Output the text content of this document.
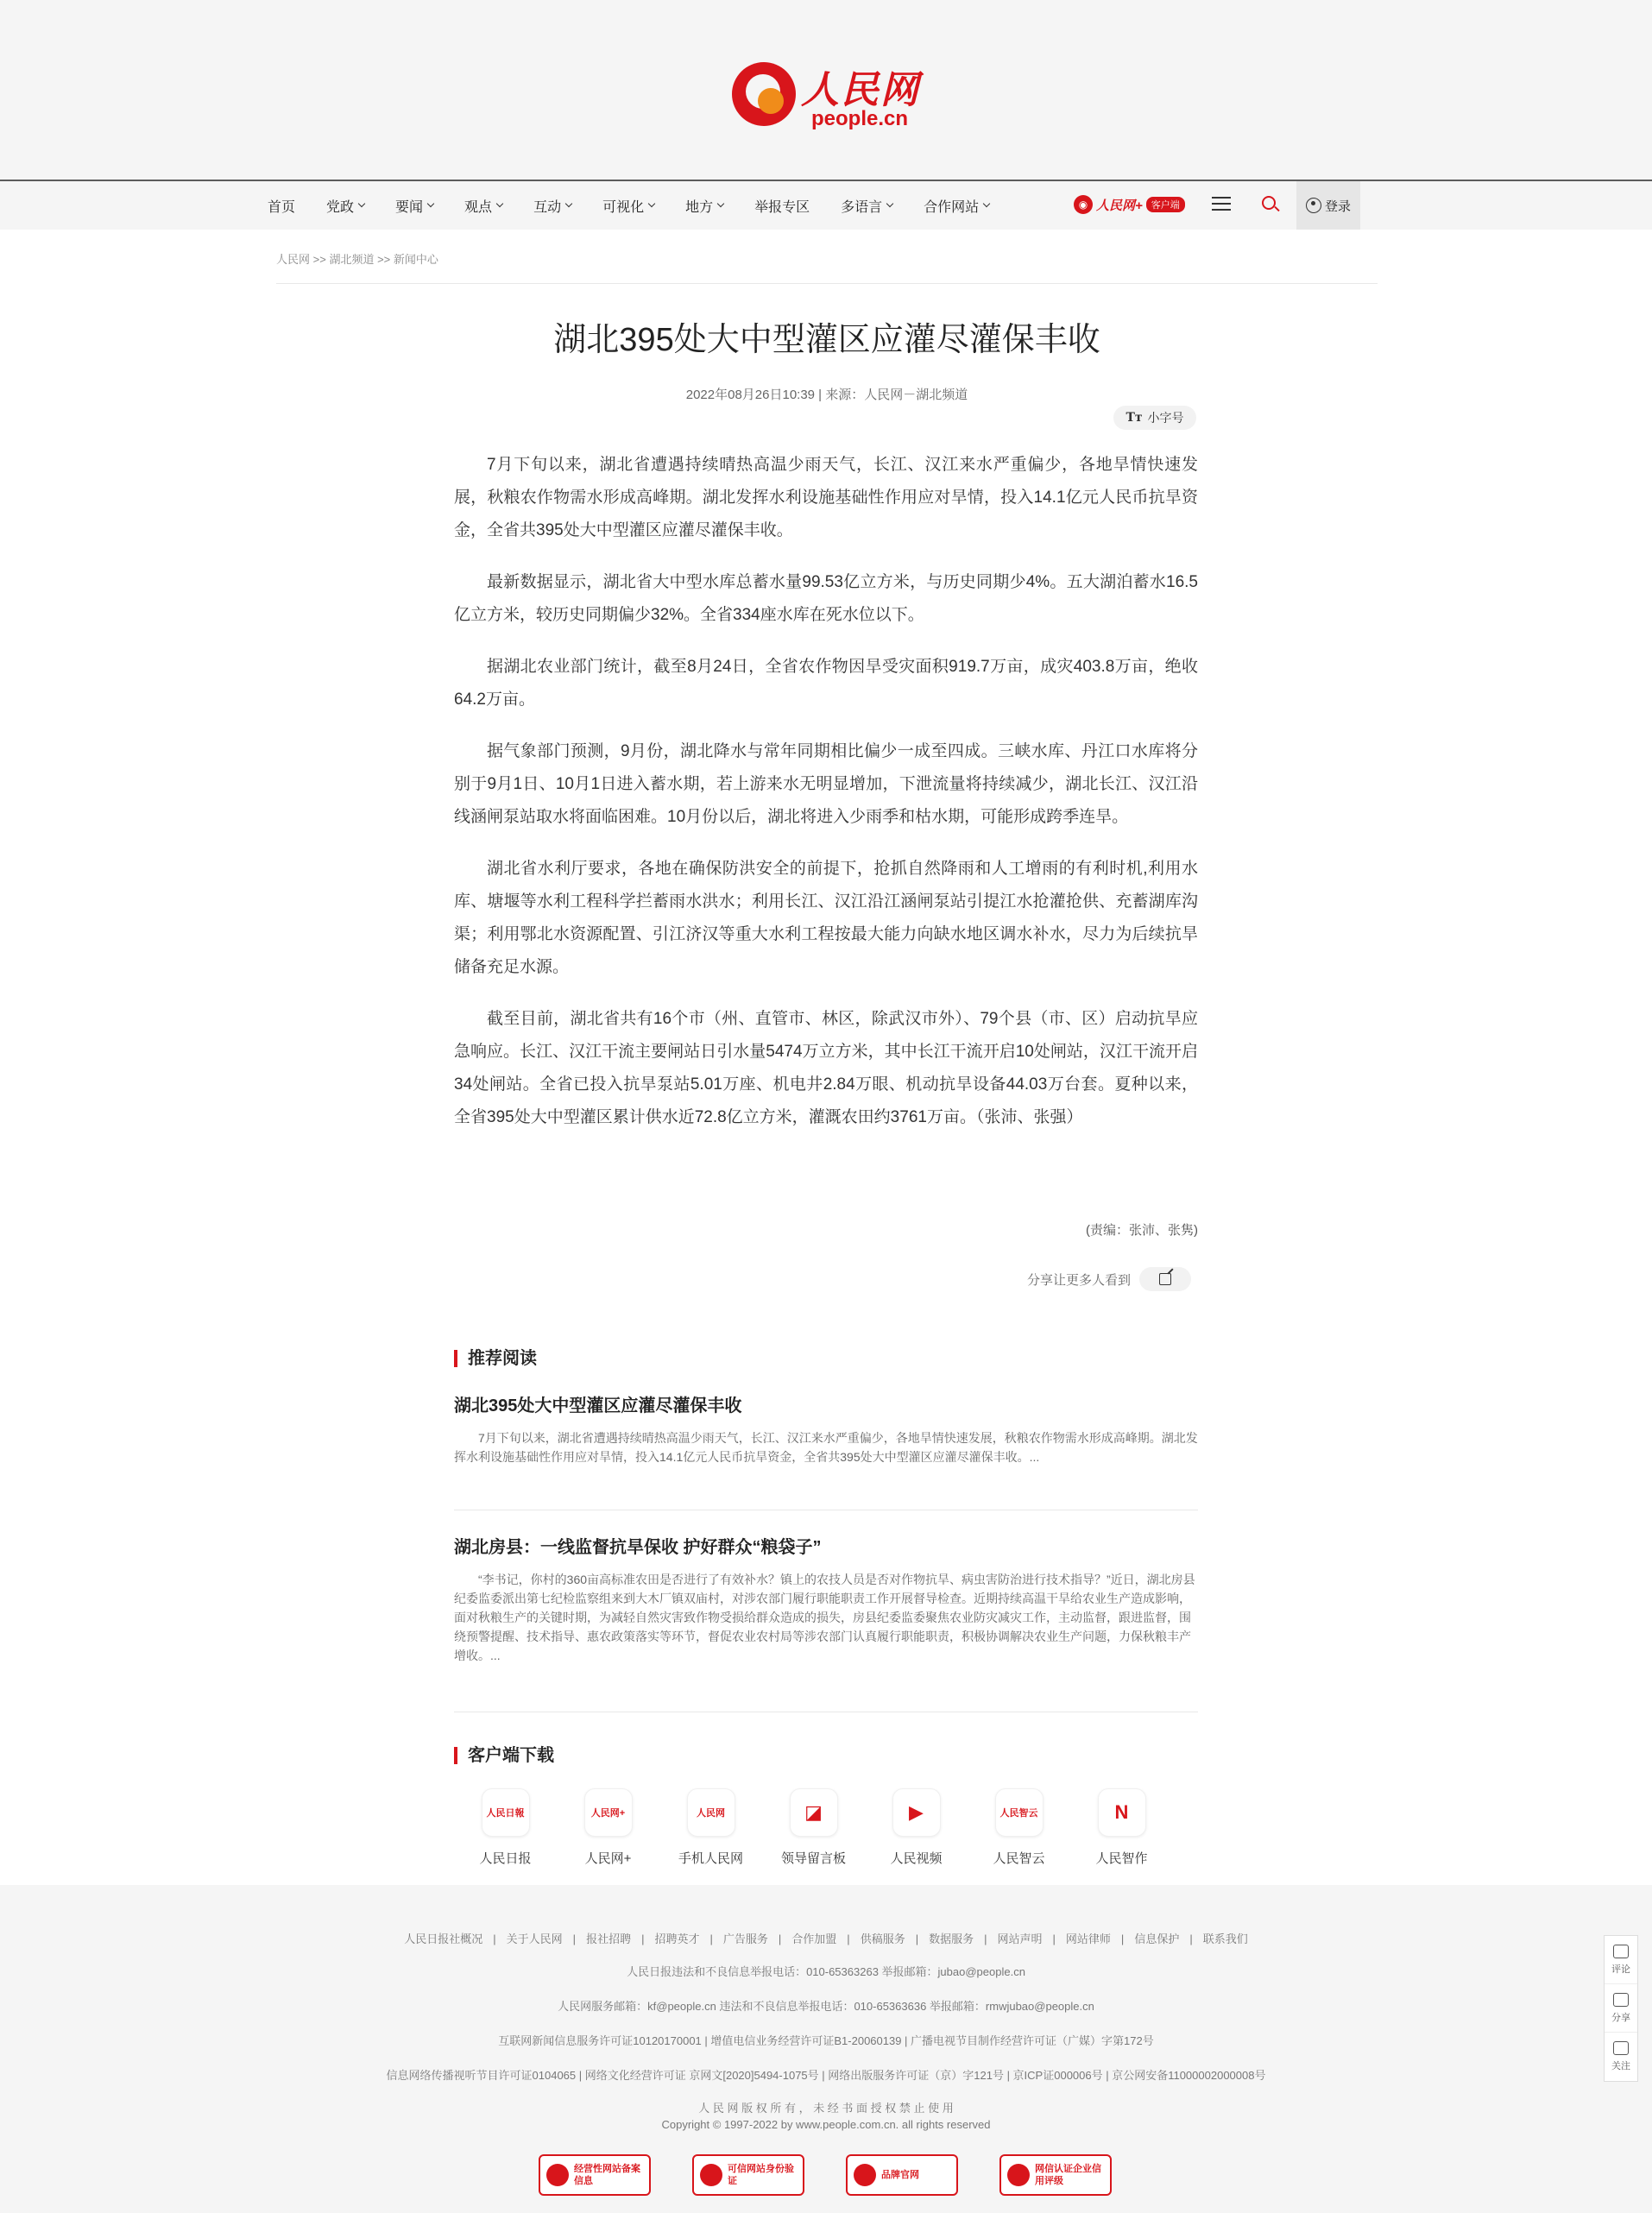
人民网
people.cn
首页 党政	要闻	观点	互动	可视化	地方	举报专区 多语言	合作网站	◉ 人民网+ 客户端	登录
人民网 >> 湖北频道 >> 新闻中心
湖北395处大中型灌区应灌尽灌保丰收
2022年08月26日10:39 | 来源：人民网－湖北频道
Tт 小字号

7月下旬以来，湖北省遭遇持续晴热高温少雨天气，长江、汉江来水严重偏少，各地旱情快速发展，秋粮农作物需水形成高峰期。湖北发挥水利设施基础性作用应对旱情，投入14.1亿元人民币抗旱资金，全省共395处大中型灌区应灌尽灌保丰收。

最新数据显示，湖北省大中型水库总蓄水量99.53亿立方米，与历史同期少4%。五大湖泊蓄水16.5亿立方米，较历史同期偏少32%。全省334座水库在死水位以下。

据湖北农业部门统计，截至8月24日，全省农作物因旱受灾面积919.7万亩，成灾403.8万亩，绝收64.2万亩。

据气象部门预测，9月份，湖北降水与常年同期相比偏少一成至四成。三峡水库、丹江口水库将分别于9月1日、10月1日进入蓄水期，若上游来水无明显增加，下泄流量将持续减少，湖北长江、汉江沿线涵闸泵站取水将面临困难。10月份以后，湖北将进入少雨季和枯水期，可能形成跨季连旱。

湖北省水利厅要求，各地在确保防洪安全的前提下，抢抓自然降雨和人工增雨的有利时机,利用水库、塘堰等水利工程科学拦蓄雨水洪水；利用长江、汉江沿江涵闸泵站引提江水抢灌抢供、充蓄湖库沟渠；利用鄂北水资源配置、引江济汉等重大水利工程按最大能力向缺水地区调水补水，尽力为后续抗旱储备充足水源。

截至目前，湖北省共有16个市（州、直管市、林区，除武汉市外）、79个县（市、区）启动抗旱应急响应。长江、汉江干流主要闸站日引水量5474万立方米，其中长江干流开启10处闸站，汉江干流开启34处闸站。全省已投入抗旱泵站5.01万座、机电井2.84万眼、机动抗旱设备44.03万台套。夏种以来，全省395处大中型灌区累计供水近72.8亿立方米，灌溉农田约3761万亩。（张沛、张强）

(责编：张沛、张隽)
分享让更多人看到
推荐阅读
湖北395处大中型灌区应灌尽灌保丰收
7月下旬以来，湖北省遭遇持续晴热高温少雨天气，长江、汉江来水严重偏少，各地旱情快速发展，秋粮农作物需水形成高峰期。湖北发挥水利设施基础性作用应对旱情，投入14.1亿元人民币抗旱资金，全省共395处大中型灌区应灌尽灌保丰收。...
湖北房县：一线监督抗旱保收 护好群众“粮袋子”
“李书记，你村的360亩高标准农田是否进行了有效补水？镇上的农技人员是否对作物抗旱、病虫害防治进行技术指导？”近日，湖北房县纪委监委派出第七纪检监察组来到大木厂镇双庙村，对涉农部门履行职能职责工作开展督导检查。近期持续高温干旱给农业生产造成影响，面对秋粮生产的关键时期，为减轻自然灾害致作物受损给群众造成的损失，房县纪委监委聚焦农业防灾减灾工作，主动监督，跟进监督，围绕预警提醒、技术指导、惠农政策落实等环节，督促农业农村局等涉农部门认真履行职能职责，积极协调解决农业生产问题，力保秋粮丰产增收。...
客户端下载
人民日報
人民日报
人民网+
人民网+
人民网
手机人民网
◪
领导留言板
▶
人民视频
人民智云
人民智云
N
人民智作
人民日报社概况 | 关于人民网 | 报社招聘 | 招聘英才 | 广告服务 | 合作加盟 | 供稿服务 | 数据服务 | 网站声明 | 网站律师 | 信息保护 | 联系我们
人民日报违法和不良信息举报电话：010-65363263 举报邮箱：jubao@people.cn
人民网服务邮箱：kf@people.cn 违法和不良信息举报电话：010-65363636 举报邮箱：rmwjubao@people.cn
互联网新闻信息服务许可证10120170001 | 增值电信业务经营许可证B1-20060139 | 广播电视节目制作经营许可证（广媒）字第172号
信息网络传播视听节目许可证0104065 | 网络文化经营许可证 京网文[2020]5494-1075号 | 网络出版服务许可证（京）字121号 | 京ICP证000006号 | 京公网安备11000002000008号
人 民 网 版 权 所 有 ， 未 经 书 面 授 权 禁 止 使 用
Copyright © 1997-2022 by www.people.com.cn. all rights reserved
经营性网站备案信息
可信网站身份验证
品牌官网
网信认证企业信用评级
评论
分享
关注
